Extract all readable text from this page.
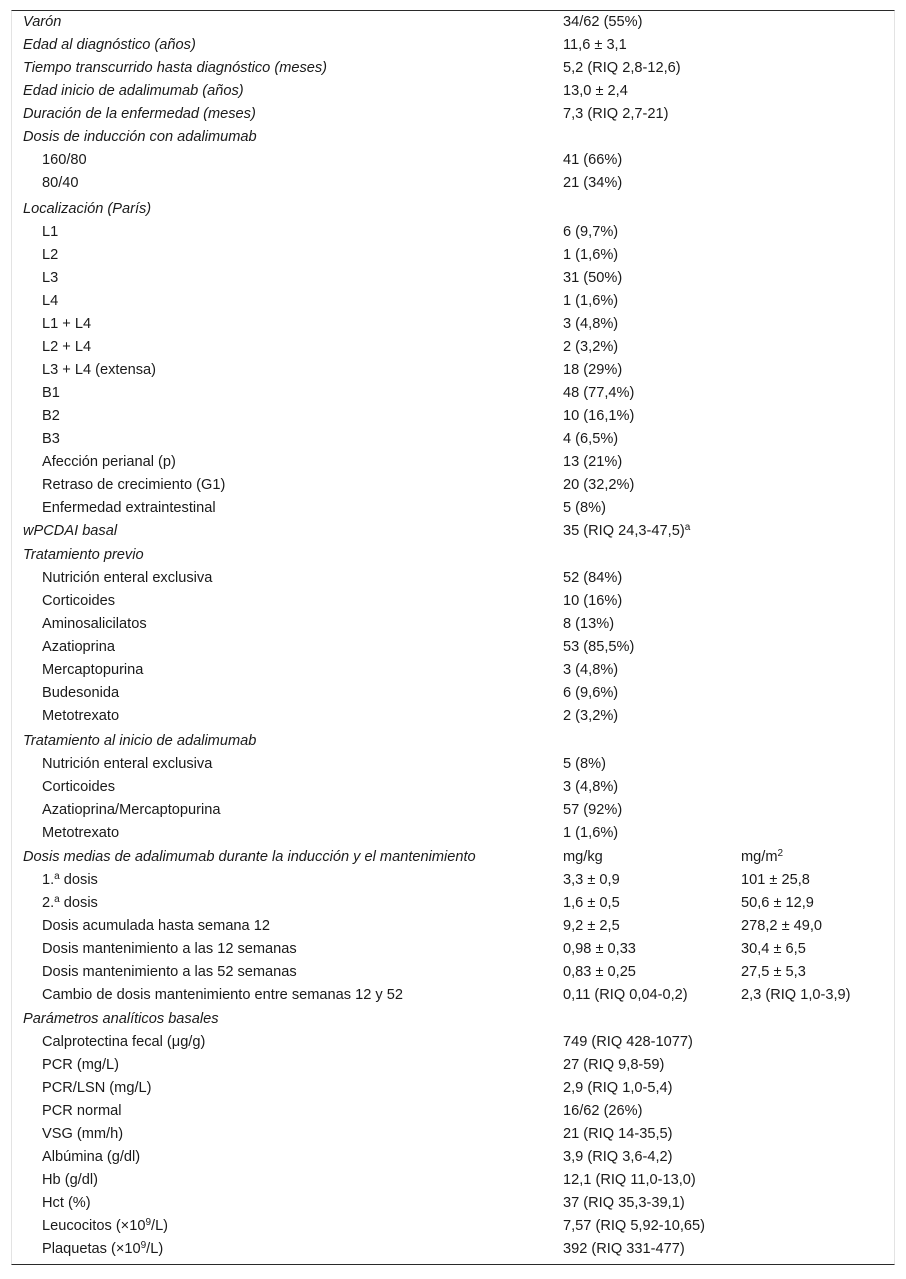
Varón	34/62 (55%)
Edad al diagnóstico (años)	11,6 ± 3,1
Tiempo transcurrido hasta diagnóstico (meses)	5,2 (RIQ 2,8-12,6)
Edad inicio de adalimumab (años)	13,0 ± 2,4
Duración de la enfermedad (meses)	7,3 (RIQ 2,7-21)
Dosis de inducción con adalimumab
160/80	41 (66%)
80/40	21 (34%)
Localización (París)
L1	6 (9,7%)
L2	1 (1,6%)
L3	31 (50%)
L4	1 (1,6%)
L1 + L4	3 (4,8%)
L2 + L4	2 (3,2%)
L3 + L4 (extensa)	18 (29%)
B1	48 (77,4%)
B2	10 (16,1%)
B3	4 (6,5%)
Afección perianal (p)	13 (21%)
Retraso de crecimiento (G1)	20 (32,2%)
Enfermedad extraintestinal	5 (8%)
wPCDAI basal	35 (RIQ 24,3-47,5)$^a$
Tratamiento previo
Nutrición enteral exclusiva	52 (84%)
Corticoides	10 (16%)
Aminosalicilatos	8 (13%)
Azatioprina	53 (85,5%)
Mercaptopurina	3 (4,8%)
Budesonida	6 (9,6%)
Metotrexato	2 (3,2%)
Tratamiento al inicio de adalimumab
Nutrición enteral exclusiva	5 (8%)
Corticoides	3 (4,8%)
Azatioprina/Mercaptopurina	57 (92%)
Metotrexato	1 (1,6%)
Dosis medias de adalimumab durante la inducción y el mantenimiento	mg/kg	$mg/m^2$
1.$^a$ dosis	3,3 ± 0,9	101 ± 25,8
2.$^a$ dosis	1,6 ± 0,5	50,6 ± 12,9
Dosis acumulada hasta semana 12	9,2 ± 2,5	278,2 ± 49,0
Dosis mantenimiento a las 12 semanas	0,98 ± 0,33	30,4 ± 6,5
Dosis mantenimiento a las 52 semanas	0,83 ± 0,25	27,5 ± 5,3
Cambio de dosis mantenimiento entre semanas 12 y 52	0,11 (RIQ 0,04-0,2)	2,3 (RIQ 1,0-3,9)
Parámetros analíticos basales
Calprotectina fecal (μg/g)	749 (RIQ 428-1077)
PCR (mg/L)	27 (RIQ 9,8-59)
PCR/LSN (mg/L)	2,9 (RIQ 1,0-5,4)
PCR normal	16/62 (26%)
VSG (mm/h)	21 (RIQ 14-35,5)
Albúmina (g/dl)	3,9 (RIQ 3,6-4,2)
Hb (g/dl)	12,1 (RIQ 11,0-13,0)
Hct (%)	37 (RIQ 35,3-39,1)
Leucocitos $(\times 10^9/L)$	7,57 (RIQ 5,92-10,65)
Plaquetas $(\times 10^9/L)$	392 (RIQ 331-477)
